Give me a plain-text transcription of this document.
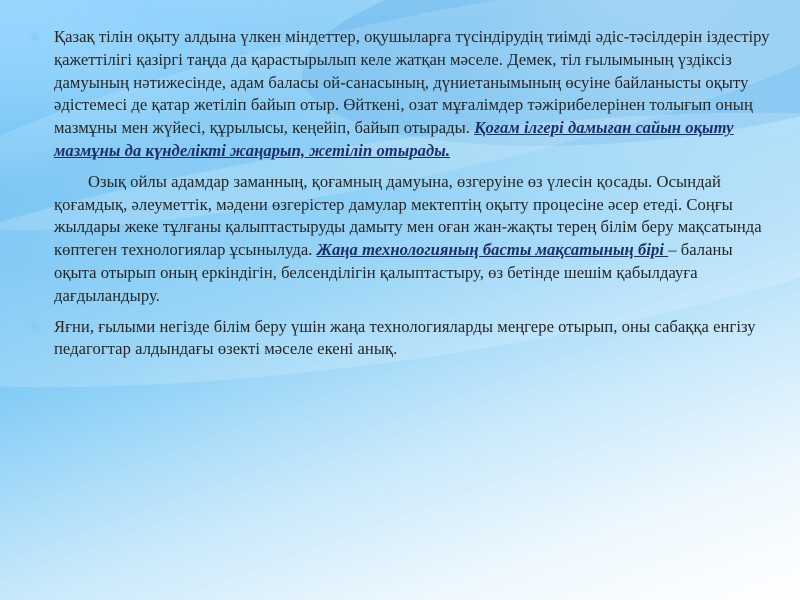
❊ Қазақ тілін оқыту алдына үлкен міндеттер, оқушыларға түсіндірудің тиімді әдіс-тәсілдерін іздестіру қажеттілігі қазіргі таңда да қарастырылып келе жатқан мәселе. Демек, тіл ғылымының үздіксіз дамуының нәтижесінде, адам баласы ой-санасының, дүниетанымының өсуіне байланысты оқыту әдістемесі де қатар жетіліп байып отыр. Өйткені, озат мұғалімдер тәжірибелерінен толығып оның мазмұны мен жүйесі, құрылысы, кеңейіп, байып отырады. Қоғам ілгері дамыған сайын оқыту мазмұны да күнделікті жаңарып, жетіліп отырады.

❊	Озық ойлы адамдар заманның, қоғамның дамуына, өзгеруіне өз үлесін қосады. Осындай қоғамдық, әлеуметтік, мәдени өзгерістер дамулар мектептің оқыту процесіне әсер етеді. Соңғы жылдары жеке тұлғаны қалыптастыруды дамыту мен оған жан-жақты терең білім беру мақсатында көптеген технологиялар ұсынылуда. Жаңа технологияның басты мақсатының бірі – баланы оқыта отырып оның еркіндігін, белсенділігін қалыптастыру, өз бетінде шешім қабылдауға дағдыландыру.

❊ Яғни, ғылыми негізде білім беру үшін жаңа технологияларды меңгере отырып, оны сабаққа енгізу педагогтар алдындағы өзекті мәселе екені анық.
